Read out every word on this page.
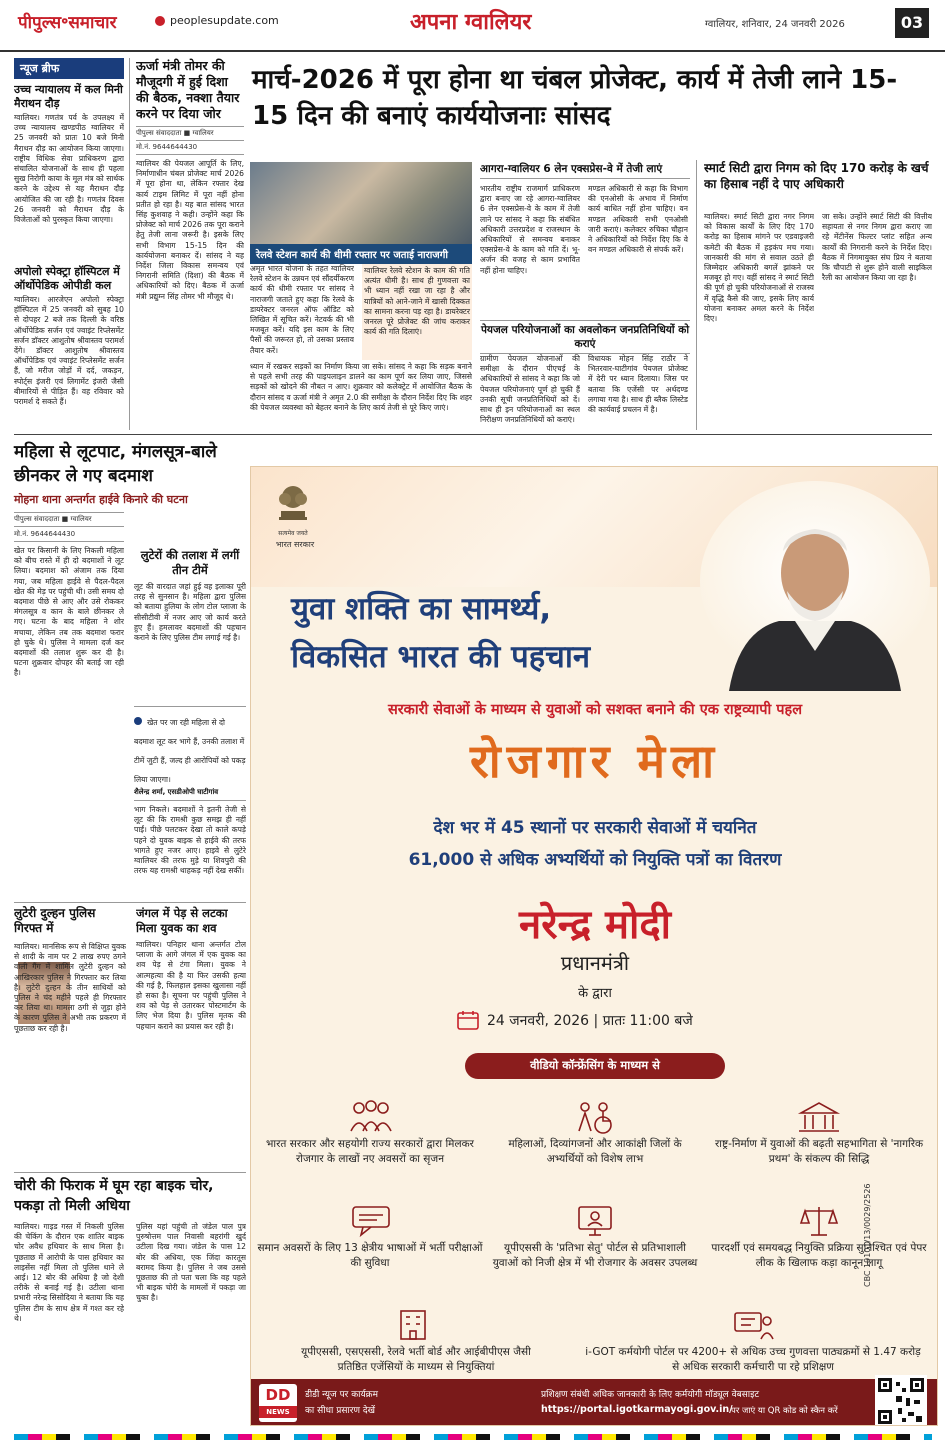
पीपुल्स॰समाचार	peoplesupdate.com	अपना ग्वालियर	ग्वालियर, शनिवार, 24 जनवरी 2026	03
न्यूज ब्रीफ
उच्च न्यायालय में कल मिनी मैराथन दौड़
ग्वालियर। गणतंत्र पर्व के उपलक्ष्य में उच्च न्यायालय खण्डपीठ ग्वालियर में 25 जनवरी को प्रातः 10 बजे मिनी मैराथन दौड़ का आयोजन किया जाएगा। राष्ट्रीय विधिक सेवा प्राधिकरण द्वारा संचालित योजनाओं के साथ ही पहला सुख निरोगी काया के मूल मंत्र को सार्थक करने के उद्देश्य से यह मैराथन दौड़ आयोजित की जा रही है। गणतंत्र दिवस 26 जनवरी को मैराथन दौड़ के विजेताओं को पुरस्कृत किया जाएगा।
अपोलो स्पेक्ट्रा हॉस्पिटल में ऑर्थोपेडिक ओपीडी कल
ग्वालियर। आरजेएन अपोलो स्पेक्ट्रा हॉस्पिटल में 25 जनवरी को सुबह 10 से दोपहर 2 बजे तक दिल्ली के वरिष्ठ ऑर्थोपेडिक सर्जन एवं ज्वाइंट रिप्लेसमेंट सर्जन डॉक्टर आशुतोष श्रीवास्तव परामर्श देंगे। डॉक्टर आशुतोष श्रीवास्तव ऑर्थोपेडिक एवं ज्वाइंट रिप्लेसमेंट सर्जन हैं, जो मरीज जोड़ों में दर्द, जकड़न, स्पोर्ट्स इंजरी एवं लिगामेंट इंजरी जैसी बीमारियों से पीड़ित हैं। वह रविवार को परामर्श दे सकते हैं।
ऊर्जा मंत्री तोमर की मौजूदगी में हुई दिशा की बैठक, नक्शा तैयार करने पर दिया जोर
पीपुल्स संवाददाता ■ ग्वालियर
मो.नं. 9644644430
ग्वालियर की पेयजल आपूर्ति के लिए, निर्माणाधीन चंबल प्रोजेक्ट मार्च 2026 में पूरा होना था, लेकिन रफ्तार देख कार्य टाइम लिमिट में पूरा नहीं होना प्रतीत हो रहा है। यह बात सांसद भारत सिंह कुशवाह ने कही। उन्होंने कहा कि प्रोजेक्ट को मार्च 2026 तक पूरा कराने हेतु तेजी लाना जरूरी है। इसके लिए सभी विभाग 15-15 दिन की कार्ययोजना बनाकर दें। सांसद ने यह निर्देश जिला विकास समन्वय एवं निगरानी समिति (दिशा) की बैठक में अधिकारियों को दिए। बैठक में ऊर्जा मंत्री प्रद्युम्न सिंह तोमर भी मौजूद थे।
मार्च-2026 में पूरा होना था चंबल प्रोजेक्ट, कार्य में तेजी लाने 15-15 दिन की बनाएं कार्ययोजनाः सांसद
रेलवे स्टेशन कार्य की धीमी रफ्तार पर जताई नाराजगी
अमृत भारत योजना के तहत ग्वालियर रेलवे स्टेशन के उन्नयन एवं सौंदर्यीकरण कार्य की धीमी रफ्तार पर सांसद ने नाराजगी जताते हुए कहा कि रेलवे के डायरेक्टर जनरल ऑफ ऑडिट को लिखित में सूचित करें। नेटवर्क की भी मजबूत करें। यदि इस काम के लिए पैसों की जरूरत हो, तो उसका प्रस्ताव तैयार करें।
ग्वालियर रेलवे स्टेशन के काम की गति अत्यंत धीमी है। साथ ही गुणवत्ता का भी ध्यान नहीं रखा जा रहा है और यात्रियों को आने-जाने में खासी दिक्कत का सामना करना पड़ रहा है। डायरेक्टर जनरल पूरे प्रोजेक्ट की जांच कराकर कार्य की गति दिलाएं।
ध्यान में रखकर सड़कों का निर्माण किया जा सके। सांसद ने कहा कि सड़क बनाने से पहले सभी तरह की पाइपलाइन डालने का काम पूर्ण कर लिया जाए, जिससे सड़कों को खोदने की नौबत न आए। शुक्रवार को कलेक्ट्रेट में आयोजित बैठक के दौरान सांसद व ऊर्जा मंत्री ने अमृत 2.0 की समीक्षा के दौरान निर्देश दिए कि शहर की पेयजल व्यवस्था को बेहतर बनाने के लिए कार्य तेजी से पूरे किए जाएं।
आगरा-ग्वालियर 6 लेन एक्सप्रेस-वे में तेजी लाएं
भारतीय राष्ट्रीय राजमार्ग प्राधिकरण द्वारा बनाए जा रहे आगरा-ग्वालियर 6 लेन एक्सप्रेस-वे के काम में तेजी लाने पर सांसद ने कहा कि संबंधित अधिकारी उत्तरप्रदेश व राजस्थान के अधिकारियों से समन्वय बनाकर एक्सप्रेस-वे के काम को गति दें। भू-अर्जन की वजह से काम प्रभावित नहीं होना चाहिए।
मण्डल अधिकारी से कहा कि विभाग की एनओसी के अभाव में निर्माण कार्य बाधित नहीं होना चाहिए। वन मण्डल अधिकारी सभी एनओसी जारी कराएं। कलेक्टर रुचिका चौहान ने अधिकारियों को निर्देश दिए कि वे वन मण्डल अधिकारी से संपर्क करें।
पेयजल परियोजनाओं का अवलोकन जनप्रतिनिधियों को कराएं
ग्रामीण पेयजल योजनाओं की समीक्षा के दौरान पीएचई के अधिकारियों से सांसद ने कहा कि जो पेयजल परियोजनाएं पूर्ण हो चुकी हैं उनकी सूची जनप्रतिनिधियों को दें। साथ ही इन परियोजनाओं का स्थल निरीक्षण जनप्रतिनिधियों को कराएं।
विधायक मोहन सिंह राठौर ने भितरवार-घाटीगांव पेयजल प्रोजेक्ट में देरी पर ध्यान दिलाया। जिस पर बताया कि एजेंसी पर अर्थदण्ड लगाया गया है। साथ ही ब्लैक लिस्टेड की कार्यवाई प्रचलन में है।
स्मार्ट सिटी द्वारा निगम को दिए 170 करोड़ के खर्च का हिसाब नहीं दे पाए अधिकारी
ग्वालियर। स्मार्ट सिटी द्वारा नगर निगम को विकास कार्यों के लिए दिए 170 करोड़ का हिसाब मांगने पर एडवाइजरी कमेटी की बैठक में हड़कंप मच गया। जानकारी की मांग से सवाल उठते ही जिम्मेदार अधिकारी बगलें झांकने पर मजबूर हो गए। वहीं सांसद ने स्मार्ट सिटी की पूर्ण हो चुकी परियोजनाओं से राजस्व में वृद्धि कैसे की जाए, इसके लिए कार्य योजना बनाकर अमल करने के निर्देश दिए।
जा सके। उन्होंने स्मार्ट सिटी की वित्तीय सहायता से नगर निगम द्वारा कराए जा रहे मेंटीनेंस फिल्टर प्लांट सहित अन्य कार्यों की निगरानी करने के निर्देश दिए। बैठक में निगमायुक्त संघ प्रिय ने बताया कि चौपाटी से शुरू होने वाली साइकिल रैली का आयोजन किया जा रहा है।
महिला से लूटपाट, मंगलसूत्र-बाले छीनकर ले गए बदमाश
मोहना थाना अन्तर्गत हाईवे किनारे की घटना
पीपुल्स संवाददाता ■ ग्वालियर
मो.नं. 9644644430
खेत पर किसानी के लिए निकली महिला को बीच रास्ते में ही दो बदमाशों ने लूट लिया। बदमाश को अंजाम तक दिया गया, जब महिला हाईवे से पैदल-पैदल खेत की मेड़ पर पहुंची थी। उसी समय दो बदमाश पीछे से आए और उसे रोककर मंगलसूत्र व कान के बाले छीनकर ले गए। घटना के बाद महिला ने शोर मचाया, लेकिन तब तक बदमाश फरार हो चुके थे। पुलिस ने मामला दर्ज कर बदमाशों की तलाश शुरू कर दी है। घटना शुक्रवार दोपहर की बताई जा रही है।
लुटेरों की तलाश में लगीं तीन टीमें
लूट की वारदात जहां हुई वह इलाका पूरी तरह से सुनसान है। महिला द्वारा पुलिस को बताया हुलिया के लोग टोल प्लाजा के सीसीटीवी में नजर आए जो कार्य करते हुए हैं। हमलावर बदमाशों की पहचान कराने के लिए पुलिस टीम लगाई गई है।
खेत पर जा रही महिला से दो बदमाश लूट कर भागे हैं, उनकी तलाश में टीमें जुटी हैं, जल्द ही आरोपियों को पकड़ लिया जाएगा।
शैलेन्द्र शर्मा, एसडीओपी घाटीगांव
भाग निकले। बदमाशों ने इतनी तेजी से लूट की कि रामश्री कुछ समझ ही नहीं पाईं। पीछे पलटकर देखा तो काले कपड़े पहने दो युवक बाइक से हाईवे की तरफ भागते हुए नजर आए। हाइवे से लुटेरे ग्वालियर की तरफ मुड़े या शिवपुरी की तरफ यह रामश्री थाहकड़ नहीं देख सकीं।
लुटेरी दुल्हन पुलिस गिरफ्त में
ग्वालियर। मानसिक रूप से विक्षिप्त युवक से शादी के नाम पर 2 लाख रुपए ठगने वाली गैंग में शामिल लुटेरी दुल्हन को आखिरकार पुलिस ने गिरफ्तार कर लिया है। लुटेरी दुल्हन के तीन साथियों को पुलिस ने चंद महीने पहले ही गिरफ्तार कर लिया था। मामला ठगी से जुड़ा होने के कारण पुलिस ने अभी तक प्रकरण में पूछताछ कर रही है।
जंगल में पेड़ से लटका मिला युवक का शव
ग्वालियर। पनिहार थाना अन्तर्गत टोल प्लाजा के आगे जंगल में एक युवक का शव पेड़ से टंगा मिला। युवक ने आत्महत्या की है या फिर उसकी हत्या की गई है, फिलहाल इसका खुलासा नहीं हो सका है। सूचना पर पहुंची पुलिस ने शव को पेड़ से उतारकर पोस्टमार्टम के लिए भेज दिया है। पुलिस मृतक की पहचान कराने का प्रयास कर रही है।
चोरी की फिराक में घूम रहा बाइक चोर, पकड़ा तो मिली अधिया
ग्वालियर। गाइड गस्त में निकली पुलिस की चेकिंग के दौरान एक शातिर बाइक चोर अवैध हथियार के साथ मिला है। पूछताछ में आरोपी के पास हथियार का लाइसेंस नहीं मिला तो पुलिस थाने ले आई। 12 बोर की अधिया है जो देशी तरीके से बनाई गई है। उटीला थाना प्रभारी नरेन्द्र सिसोदिया ने बताया कि यह पुलिस टीम के साथ क्षेत्र में गश्त कर रहे थे।
पुलिस यहां पहुंची तो जंडेल पाल पुत्र पुरुषोत्तम पाल निवासी बहरांगी खुर्द उटीला दिख गया। जंडेल के पास 12 बोर की अधिया, एक जिंदा कारतूस बरामद किया है। पुलिस ने जब उससे पूछताछ की तो पता चला कि वह पहले भी बाइक चोरी के मामलों में पकड़ा जा चुका है।
सत्यमेव जयते
भारत सरकार
युवा शक्ति का सामर्थ्य,
विकसित भारत की पहचान
सरकारी सेवाओं के माध्यम से युवाओं को सशक्त बनाने की एक राष्ट्रव्यापी पहल
रोजगार मेला
देश भर में 45 स्थानों पर सरकारी सेवाओं में चयनित
61,000 से अधिक अभ्यर्थियों को नियुक्ति पत्रों का वितरण
नरेन्द्र मोदी
प्रधानमंत्री
के द्वारा
24 जनवरी, 2026 | प्रातः 11:00 बजे
वीडियो कॉन्फ्रेंसिंग के माध्यम से
भारत सरकार और सहयोगी राज्य सरकारों द्वारा मिलकर रोजगार के लाखों नए अवसरों का सृजन
महिलाओं, दिव्यांगजनों और आकांक्षी जिलों के अभ्यर्थियों को विशेष लाभ
राष्ट्र-निर्माण में युवाओं की बढ़ती सहभागिता से 'नागरिक प्रथम' के संकल्प की सिद्धि
समान अवसरों के लिए 13 क्षेत्रीय भाषाओं में भर्ती परीक्षाओं की सुविधा
यूपीएससी के 'प्रतिभा सेतु' पोर्टल से प्रतिभाशाली युवाओं को निजी क्षेत्र में भी रोजगार के अवसर उपलब्ध
पारदर्शी एवं समयबद्ध नियुक्ति प्रक्रिया सुनिश्चित एवं पेपर लीक के खिलाफ कड़ा कानून लागू
यूपीएससी, एसएससी, रेलवे भर्ती बोर्ड और आईबीपीएस जैसी प्रतिष्ठित एजेंसियों के माध्यम से नियुक्तियां
i-GOT कर्मयोगी पोर्टल पर 4200+ से अधिक उच्च गुणवत्ता पाठ्यक्रमों से 1.47 करोड़ से अधिक सरकारी कर्मचारी पा रहे प्रशिक्षण
DD
NEWS
डीडी न्यूज पर कार्यक्रम
का सीधा प्रसारण देखें
प्रशिक्षण संबंधी अधिक जानकारी के लिए कर्मयोगी मॉड्यूल वेबसाइट
https://portal.igotkarmayogi.gov.in/
पर जाएं या QR कोड को स्कैन करें
CBC 19101/13/0029/2526
